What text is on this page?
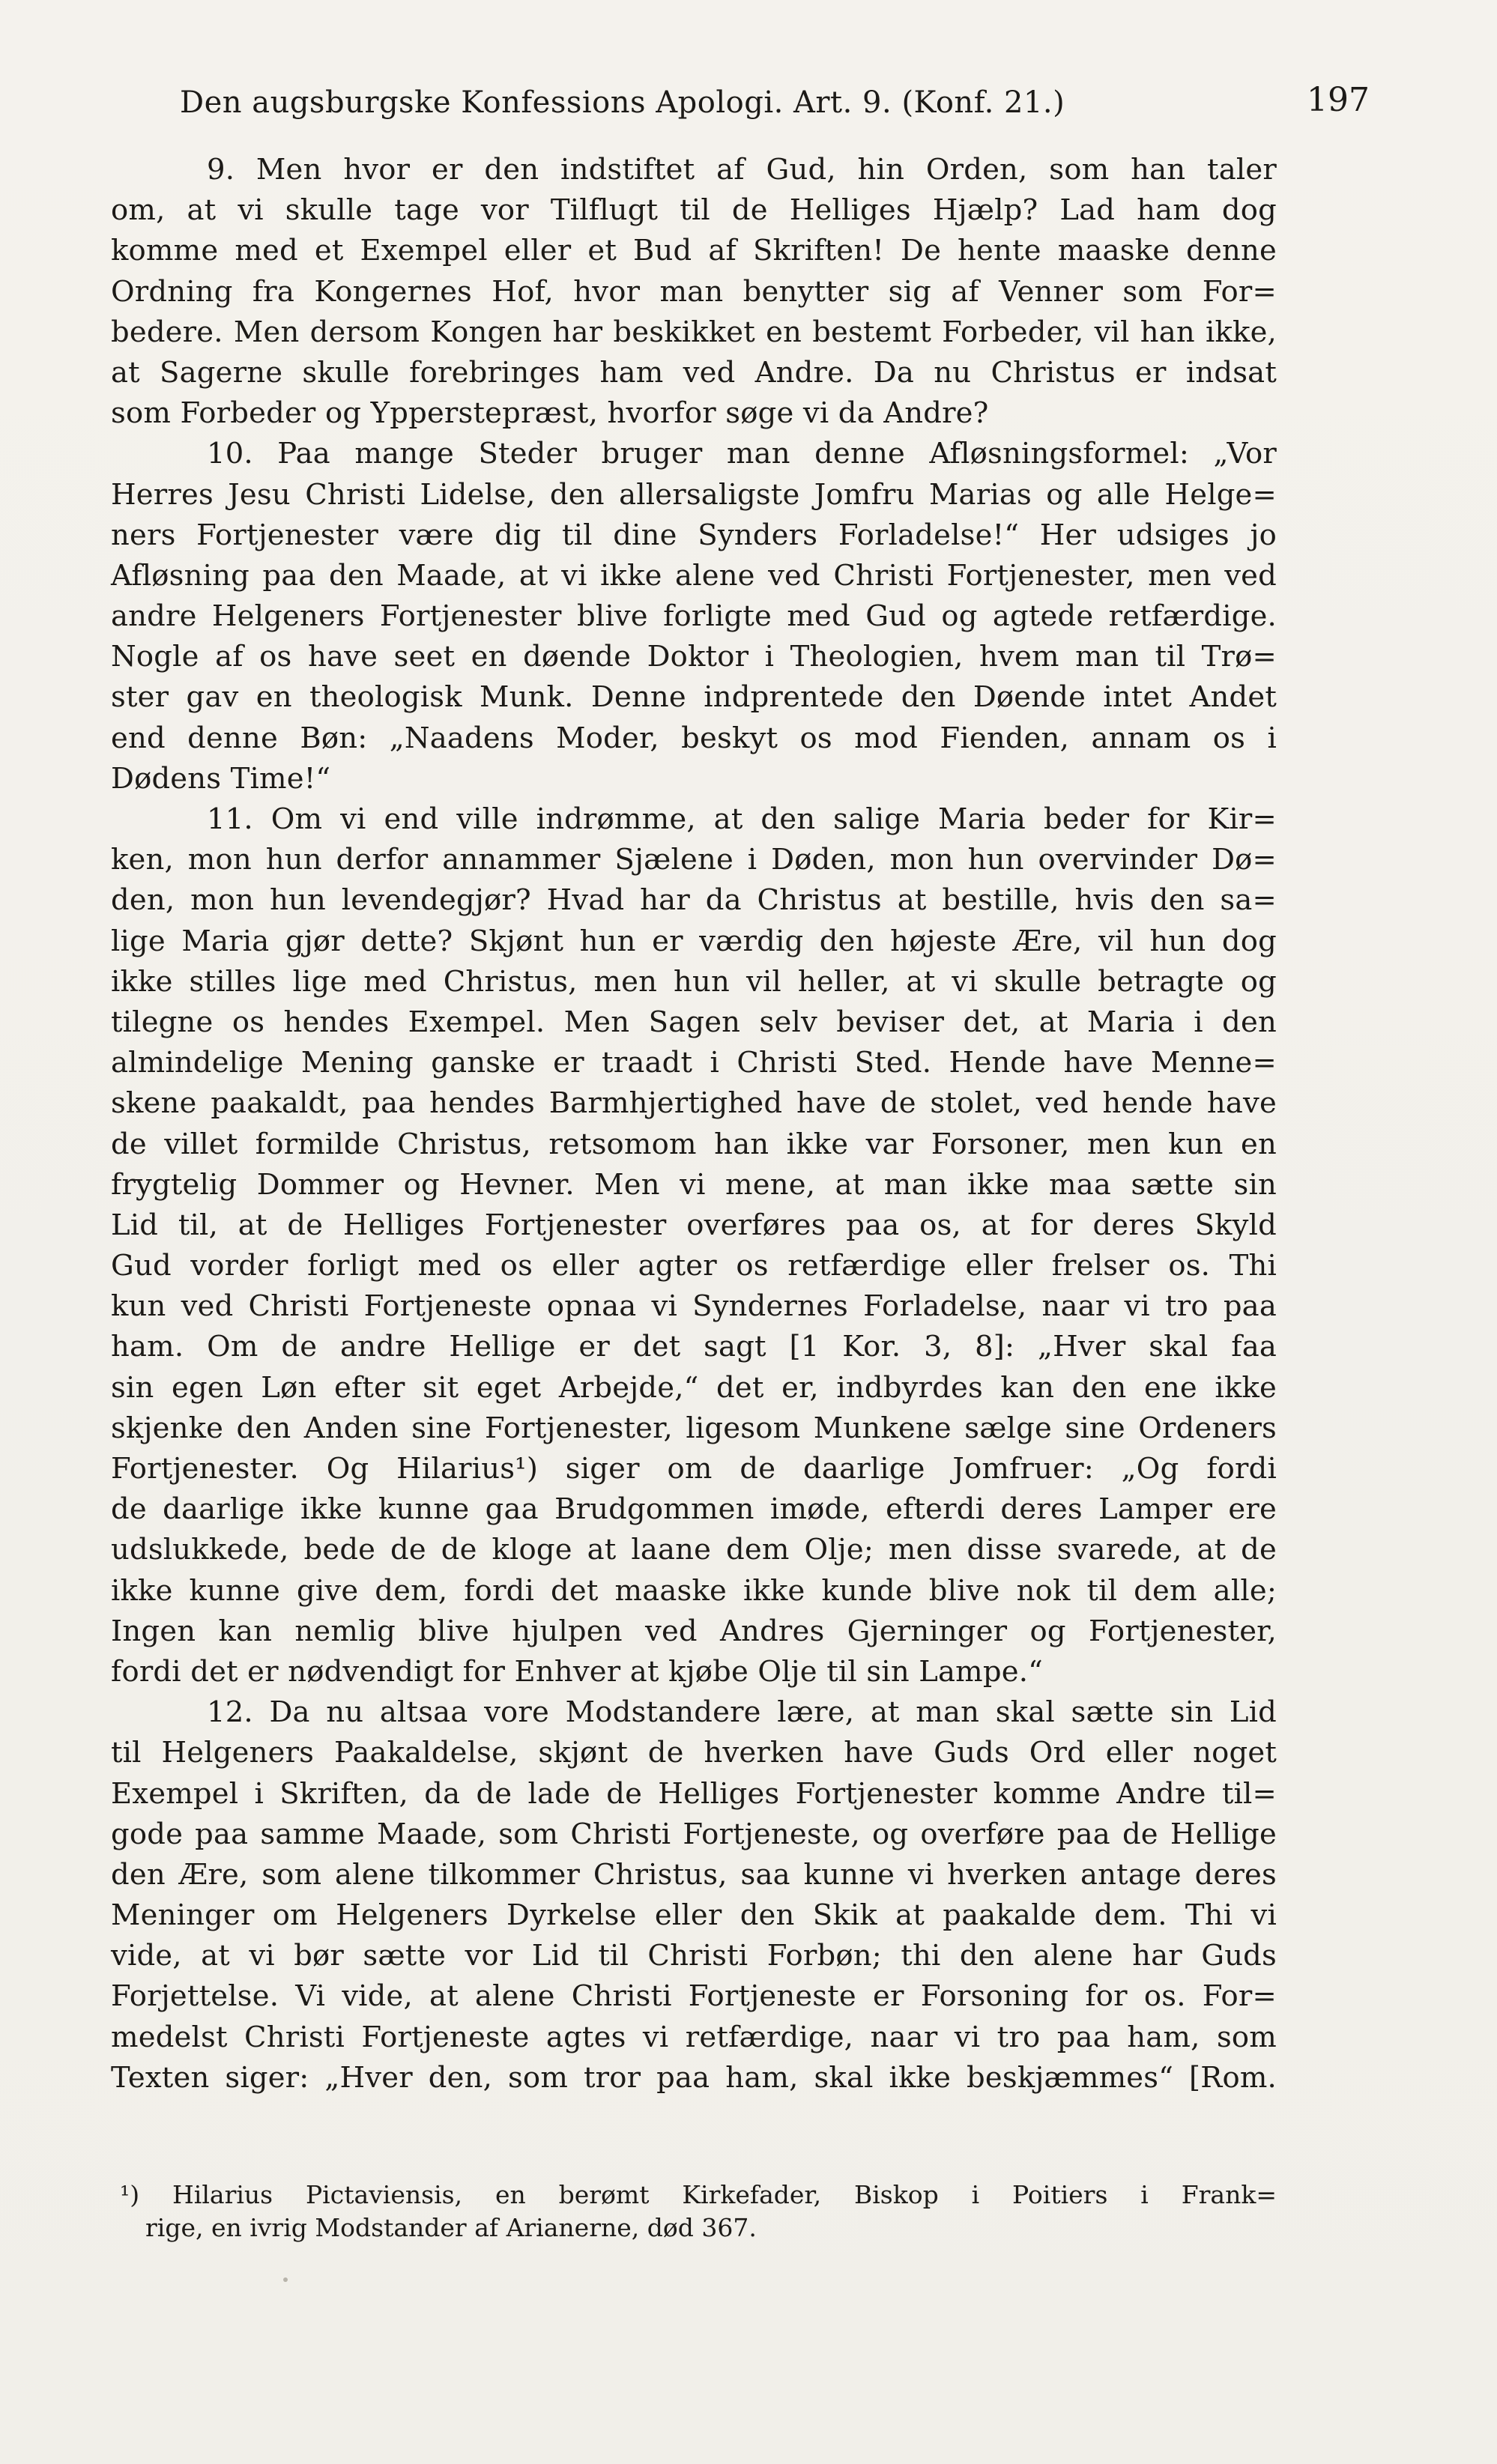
Den augsburgske Konfessions Apologi. Art. 9. (Konf. 21.)	197
9. Men hvor er den indstiftet af Gud, hin Orden, som han taler
om, at vi skulle tage vor Tilflugt til de Helliges Hjælp? Lad ham dog
komme med et Exempel eller et Bud af Skriften! De hente maaske denne
Ordning fra Kongernes Hof, hvor man benytter sig af Venner som For=
bedere. Men dersom Kongen har beskikket en bestemt Forbeder, vil han ikke,
at Sagerne skulle forebringes ham ved Andre. Da nu Christus er indsat
som Forbeder og Ypperstepræst, hvorfor søge vi da Andre?
10. Paa mange Steder bruger man denne Afløsningsformel: „Vor
Herres Jesu Christi Lidelse, den allersaligste Jomfru Marias og alle Helge=
ners Fortjenester være dig til dine Synders Forladelse!“ Her udsiges jo
Afløsning paa den Maade, at vi ikke alene ved Christi Fortjenester, men ved
andre Helgeners Fortjenester blive forligte med Gud og agtede retfærdige.
Nogle af os have seet en døende Doktor i Theologien, hvem man til Trø=
ster gav en theologisk Munk. Denne indprentede den Døende intet Andet
end denne Bøn: „Naadens Moder, beskyt os mod Fienden, annam os i
Dødens Time!“
11. Om vi end ville indrømme, at den salige Maria beder for Kir=
ken, mon hun derfor annammer Sjælene i Døden, mon hun overvinder Dø=
den, mon hun levendegjør? Hvad har da Christus at bestille, hvis den sa=
lige Maria gjør dette? Skjønt hun er værdig den højeste Ære, vil hun dog
ikke stilles lige med Christus, men hun vil heller, at vi skulle betragte og
tilegne os hendes Exempel. Men Sagen selv beviser det, at Maria i den
almindelige Mening ganske er traadt i Christi Sted. Hende have Menne=
skene paakaldt, paa hendes Barmhjertighed have de stolet, ved hende have
de villet formilde Christus, retsomom han ikke var Forsoner, men kun en
frygtelig Dommer og Hevner. Men vi mene, at man ikke maa sætte sin
Lid til, at de Helliges Fortjenester overføres paa os, at for deres Skyld
Gud vorder forligt med os eller agter os retfærdige eller frelser os. Thi
kun ved Christi Fortjeneste opnaa vi Syndernes Forladelse, naar vi tro paa
ham. Om de andre Hellige er det sagt [1 Kor. 3, 8]: „Hver skal faa
sin egen Løn efter sit eget Arbejde,“ det er, indbyrdes kan den ene ikke
skjenke den Anden sine Fortjenester, ligesom Munkene sælge sine Ordeners
Fortjenester. Og Hilarius¹) siger om de daarlige Jomfruer: „Og fordi
de daarlige ikke kunne gaa Brudgommen imøde, efterdi deres Lamper ere
udslukkede, bede de de kloge at laane dem Olje; men disse svarede, at de
ikke kunne give dem, fordi det maaske ikke kunde blive nok til dem alle;
Ingen kan nemlig blive hjulpen ved Andres Gjerninger og Fortjenester,
fordi det er nødvendigt for Enhver at kjøbe Olje til sin Lampe.“
12. Da nu altsaa vore Modstandere lære, at man skal sætte sin Lid
til Helgeners Paakaldelse, skjønt de hverken have Guds Ord eller noget
Exempel i Skriften, da de lade de Helliges Fortjenester komme Andre til=
gode paa samme Maade, som Christi Fortjeneste, og overføre paa de Hellige
den Ære, som alene tilkommer Christus, saa kunne vi hverken antage deres
Meninger om Helgeners Dyrkelse eller den Skik at paakalde dem. Thi vi
vide, at vi bør sætte vor Lid til Christi Forbøn; thi den alene har Guds
Forjettelse. Vi vide, at alene Christi Fortjeneste er Forsoning for os. For=
medelst Christi Fortjeneste agtes vi retfærdige, naar vi tro paa ham, som
Texten siger: „Hver den, som tror paa ham, skal ikke beskjæmmes“ [Rom.
¹) Hilarius Pictaviensis, en berømt Kirkefader, Biskop i Poitiers i Frank=
rige, en ivrig Modstander af Arianerne, død 367.
